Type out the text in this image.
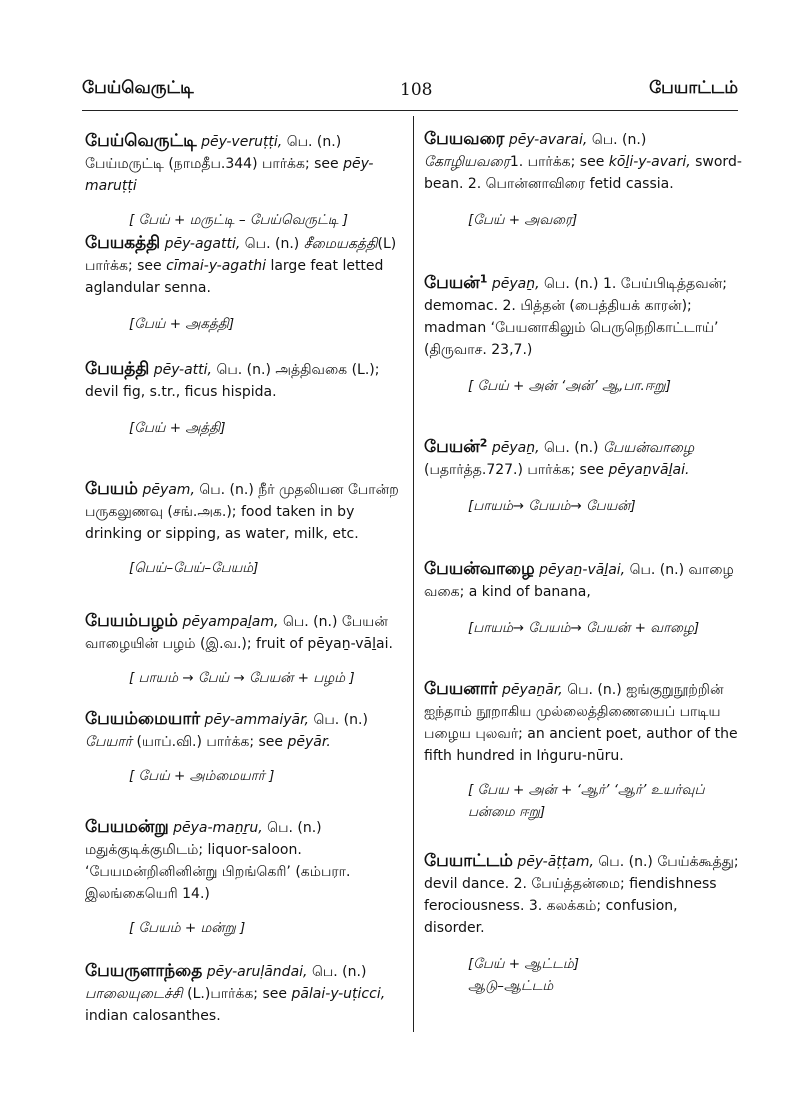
பேய்வெருட்டி	108	பேயாட்டம்
பேய்வெருட்டி pēy-veruṭṭi, பெ. (n.) பேய்மருட்டி (நாமதீப.344) பார்க்க; see pēy-maruṭṭi
[ பேய் + மருட்டி – பேய்வெருட்டி ]
பேயகத்தி pēy-agatti, பெ. (n.) சீமையகத்தி(L) பார்க்க; see cīmai-y-agathi large feat letted aglandular senna.
[பேய் + அகத்தி]
பேயத்தி pēy-atti, பெ. (n.) அத்திவகை (L.); devil fig, s.tr., ficus hispida.
[பேய் + அத்தி]
பேயம் pēyam, பெ. (n.) நீர் முதலியன போன்ற பருகலுணவு (சங்.அக.); food taken in by drinking or sipping, as water, milk, etc.
[பெய்–பேய்–பேயம்]
பேயம்பழம் pēyampaḻam, பெ. (n.) பேயன் வாழையின் பழம் (இ.வ.); fruit of pēyaṉ-vāḻai.
[ பாயம் → பேய் → பேயன் + பழம் ]
பேயம்மையார் pēy-ammaiyār, பெ. (n.) பேயார் (யாப்.வி.) பார்க்க; see pēyār.
[ பேய் + அம்மையார் ]
பேயமன்று pēya-maṉṟu, பெ. (n.) மதுக்குடிக்குமிடம்; liquor-saloon. ‘பேயமன்றினினின்று பிறங்கெரி’ (கம்பரா. இலங்கையெரி 14.)
[ பேயம் + மன்று ]
பேயருளாந்தை pēy-aruḷāndai, பெ. (n.) பாலையுடைச்சி (L.)பார்க்க; see pālai-y-uṭicci, indian calosanthes.
பேயவரை pēy-avarai, பெ. (n.) கோழியவரை1. பார்க்க; see kōḻi-y-avari, sword-bean. 2. பொன்னாவிரை fetid cassia.
[பேய் + அவரை]
பேயன்$^1$ pēyaṉ, பெ. (n.) 1. பேய்பிடித்தவன்; demomac. 2. பித்தன் (பைத்தியக் காரன்); madman ‘பேயனாகிலும் பெருநெறிகாட்டாய்’ (திருவாச. 23,7.)
[ பேய் + அன் ‘அன்’ ஆ,பா.ஈறு]
பேயன்$^2$ pēyaṉ, பெ. (n.) பேயன்வாழை (பதார்த்த.727.) பார்க்க; see pēyaṉvāḻai.
[பாயம்→ பேயம்→ பேயன்]
பேயன்வாழை pēyaṉ-vāḻai, பெ. (n.) வாழை வகை; a kind of banana,
[பாயம்→ பேயம்→ பேயன் + வாழை]
பேயனார் pēyaṉār, பெ. (n.) ஐங்குறுநூற்றின் ஐந்தாம் நூறாகிய முல்லைத்திணையைப் பாடிய பழைய புலவர்; an ancient poet, author of the fifth hundred in Iṅguru-nūru.
[ பேய + அன் + ‘ஆர்’ ‘ஆர்’ உயர்வுப் பன்மை ஈறு]
பேயாட்டம் pēy-āṭṭam, பெ. (n.) பேய்க்கூத்து; devil dance. 2. பேய்த்தன்மை; fiendishness ferociousness. 3. கலக்கம்; confusion, disorder.
[பேய் + ஆட்டம்]
ஆடு–ஆட்டம்
